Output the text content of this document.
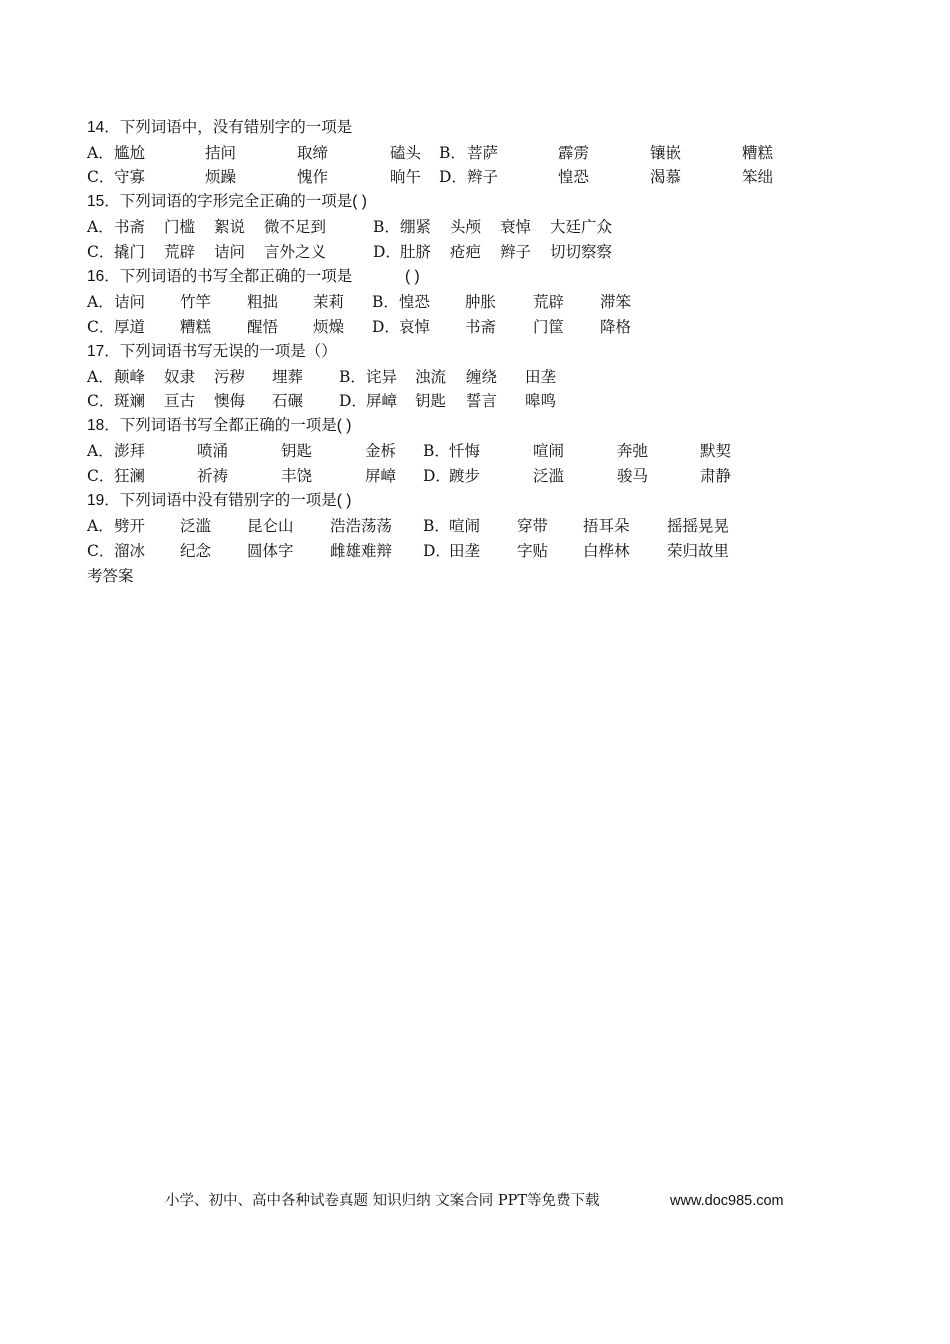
14．下列词语中，没有错别字的一项是
A． 尴尬	拮问	取缔	磕头 B． 菩萨	霹雳	镶嵌	糟糕
C． 守寡	烦躁	愧作	晌午 D． 辫子	惶恐	渴慕	笨绌
15．下列词语的字形完全正确的一项是( )
A． 书斋 门槛 絮说 微不足到	B． 绷紧 头颅 衰悼 大廷广众
C． 撬门 荒辟 诘问 言外之义	D． 肚脐 疮疤 辫子 切切察察
16．下列词语的书写全都正确的一项是	( )
A． 诘问 竹竿 粗拙 茉莉 B． 惶恐 肿胀 荒辟 滞笨
C． 厚道 糟糕 醒悟 烦燥 D． 哀悼 书斋 门筐 降格
17．下列词语书写无误的一项是（）
A． 颠峰 奴隶 污秽 埋葬 B． 诧异 浊流 缠绕 田垄
C． 斑斓 亘古 懊侮 石碾 D． 屏嶂 钥匙 誓言 嗥鸣
18．下列词语书写全都正确的一项是( )
A． 澎拜	喷涌	钥匙	金柝 B． 忏悔	喧闹	奔弛	默契
C． 狂澜	祈祷	丰饶	屏嶂 D．
踱步	泛滥	骏马	肃静
19．下列词语中没有错别字的一项是( )
A． 劈开 泛滥 昆仑山 浩浩荡荡 B． 喧闹 穿带 捂耳朵 摇摇晃晃
C． 溜冰 纪念 圆体字 雌雄难辩 D．
田垄 字贴 白桦林 荣归故里
考答案
小学、初中、高中各种试卷真题 知识归纳 文案合同 PPT等免费下载	www.doc985.com
